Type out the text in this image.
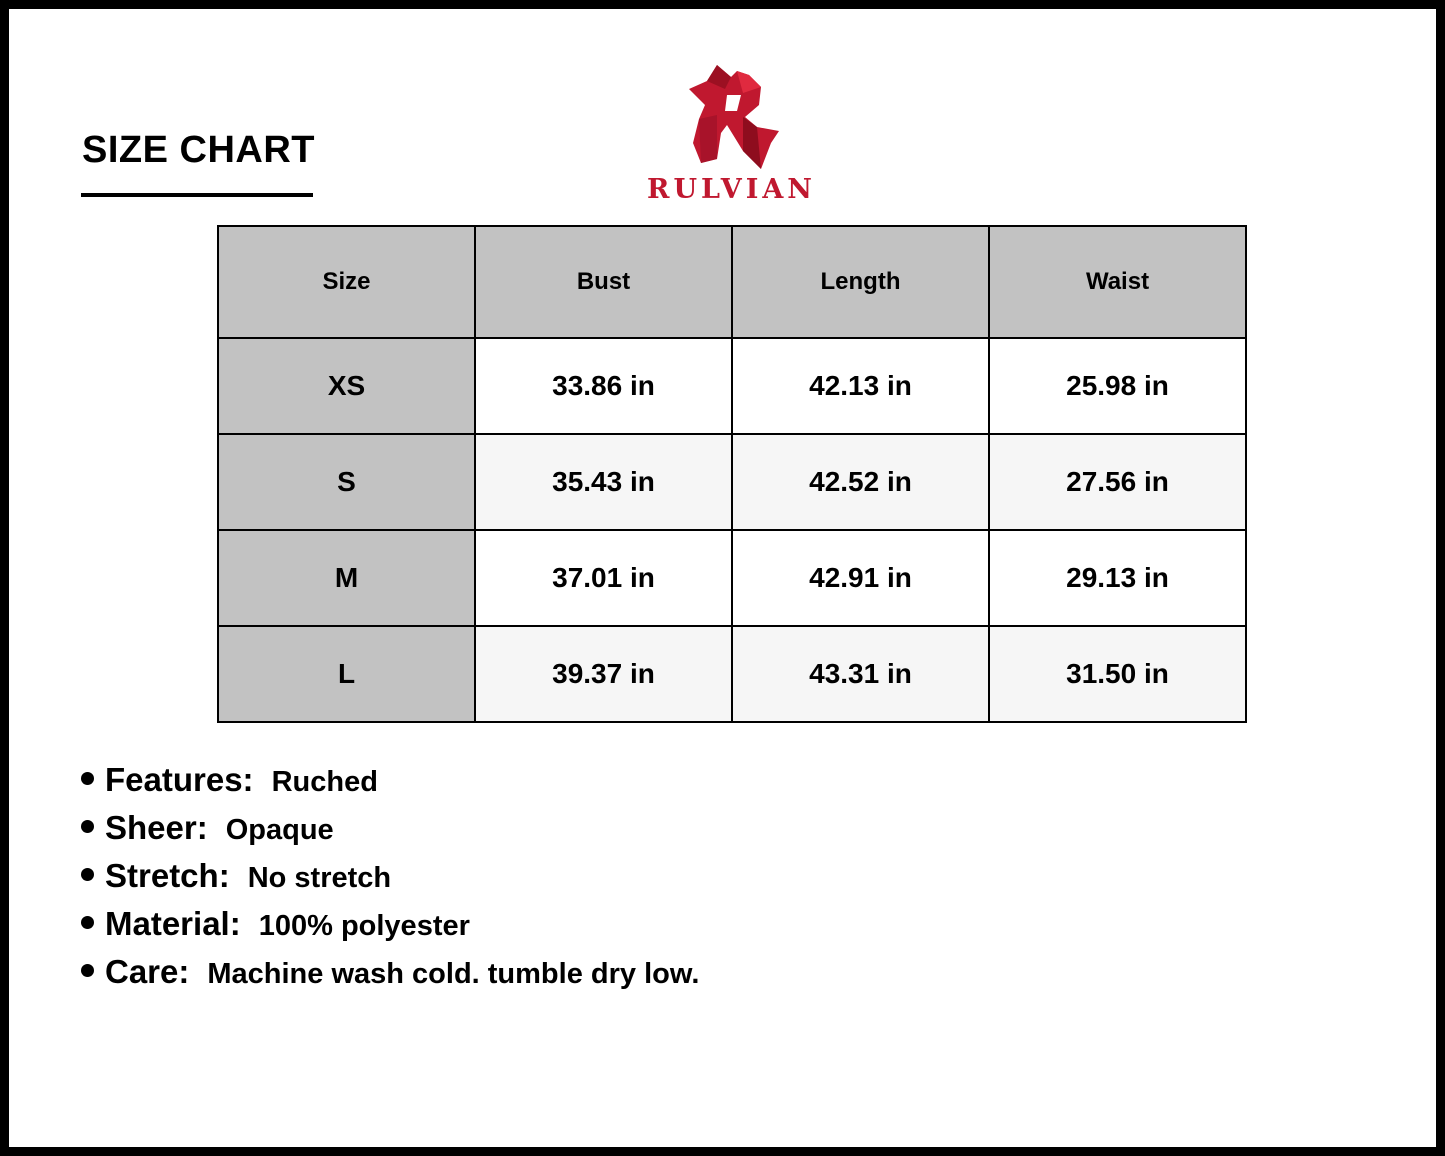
SIZE CHART
RULVIAN
Size	Bust	Length	Waist
XS	33.86 in	42.13 in	25.98 in
S	35.43 in	42.52 in	27.56 in
M	37.01 in	42.91 in	29.13 in
L	39.37 in	43.31 in	31.50 in
Features: Ruched
Sheer: Opaque
Stretch: No stretch
Material: 100% polyester
Care: Machine wash cold. tumble dry low.
